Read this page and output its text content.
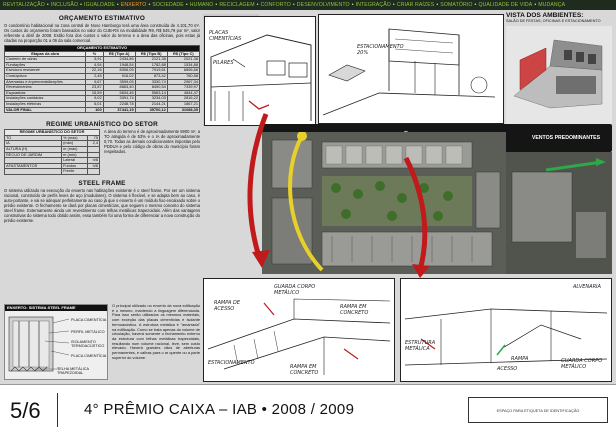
REVITALIZAÇÃO • INCLUSÃO • IGUALDADE • ENXERTO • SOCIEDADE • HUMANO • RECICLAGEM • CONFORTO • DESENVOLVIMENTO • INTEGRAÇÃO • CRIAR RAÍZES • SOMATÓRIO • QUALIDADE DE VIDA • MUDANÇA
ORÇAMENTO ESTIMATIVO
O condomínio habitacional na zona central de Novo Hamburgo terá uma área construída de 4.101,70 m². Os custos do orçamento foram baseados no valor do CUB-RS na modalidade R8, R$ 545,79 por m², valor referente a abril de 2008. Estão fora dos custos o valor do terreno e a área das oficinas, pois estas já citadas na proporção 01 a 06 da sala comercial.
ORÇAMENTO ESTIMATIVO				
Etapas da obra	%	R$ (Tipo A)	R$ (Tipo B)	R$ (Tipo C)
Canteiro de obras	5,91	2434,86	2121,38	2021,38
Fundações	4,94	1948,54	1782,88	1534,88
Estrutura resistente	22,16	8306,05	7919,61	6896,66
Contrapisos	2,45	916,02	873,42	760,58
Alvenarias e impermeabilizações	9,67	3599,05	3330,74	2967,34
Revestimentos	23,87	8863,40	8490,54	7339,97
Esquadrias	15,59	5834,46	5563,14	4844,47
Instalações sanitárias	9,02	3391,74	3234,03	2816,22
Instalações elétricas	6,01	2248,78	2144,21	1867,21
VALOR FINAL	100	37441,19	35700,12	31088,35
REGIME URBANÍSTICO DO SETOR
REGIME URBANÍSTICO DO SETOR		
TO	% (máx)	75
IA	(máx)	2,4
ALTURA (H)	m (máx)	
RECUO DE JARDIM	m (mín)	
	Lateral	h/6
AFASTAMENTOS	Fundos	h/6
	Frente	
A área do terreno é de aproximadamente 5900 m², a TO atingida é de 53% e o IA de aproximadamente 0,70. Todas as demais condicionantes impostas pelo PDDUA e pelo código de obras do município foram respeitados.
STEEL FRAME
O sistema utilizado na execução do enxerto nas habitações existente é o steel frame. Por ser um sistema racional, construído de perfis leves de aço (modulares). O sistema é flexível, e se adapta bem ao caso, é auto-portante, e vai se adequar perfeitamente ao caso já que o enxerto é um módulo fixo encaixado sobre o prédio existente. O fechamento se dará por placas cimentícias, que seguem o mesmo conceito do sistema steel frame. Externamente ainda um revestimento com telhas metálicas trapezoidais. Além das vantagens construtivas do sistema todo obtido assim, essa também foi uma forma de diferenciar a nova construção do prédio existente.
ENXERTO: SISTEMA STEEL FRAME
PLACA CIMENTÍCIA
PERFIL METÁLICO
ISOLAMENTO TERMOACÚSTICO
PLACA CIMENTÍCIA
TELHA METÁLICA TRAPEZOIDAL
O principal utilizado no enxerto da nova edificação é o mesmo, mantendo a linguagem diferenciada. Para isso serão utilizados os mesmos materiais, com exceção das placas cimentícias e isolante termoacústico. A estrutura metálica é "amarrada" na edificação. Como se trata apenas do volume de circulação, haverá somente o fechamento externo da estrutura com telhas metálicas trapezoidais, resultando num volume racional, leve, sem custo elevado. Haverá grandes vãos de aberturas permanentes, e calhas para o ar quente ou a parte superior do volume.
PLACAS
CIMENTÍCIAS
PILARES
ESTACIONAMENTO 20%
VISTA DOS AMBIENTES:
SALÃO DE FESTAS, OFICINAS E ESTACIONAMENTO
VENTOS PREDOMINANTES
GUARDA CORPO METÁLICO
RAMPA DE ACESSO
ESTACIONAMENTO
RAMPA EM CONCRETO
RAMPA EM CONCRETO
ALVENARIA
ESTRUTURA METÁLICA
ACESSO
RAMPA	GUARDA CORPO METÁLICO
5/6	4° PRÊMIO CAIXA – IAB • 2008 / 2009	ESPAÇO PARA ETIQUETA DE IDENTIFICAÇÃO
